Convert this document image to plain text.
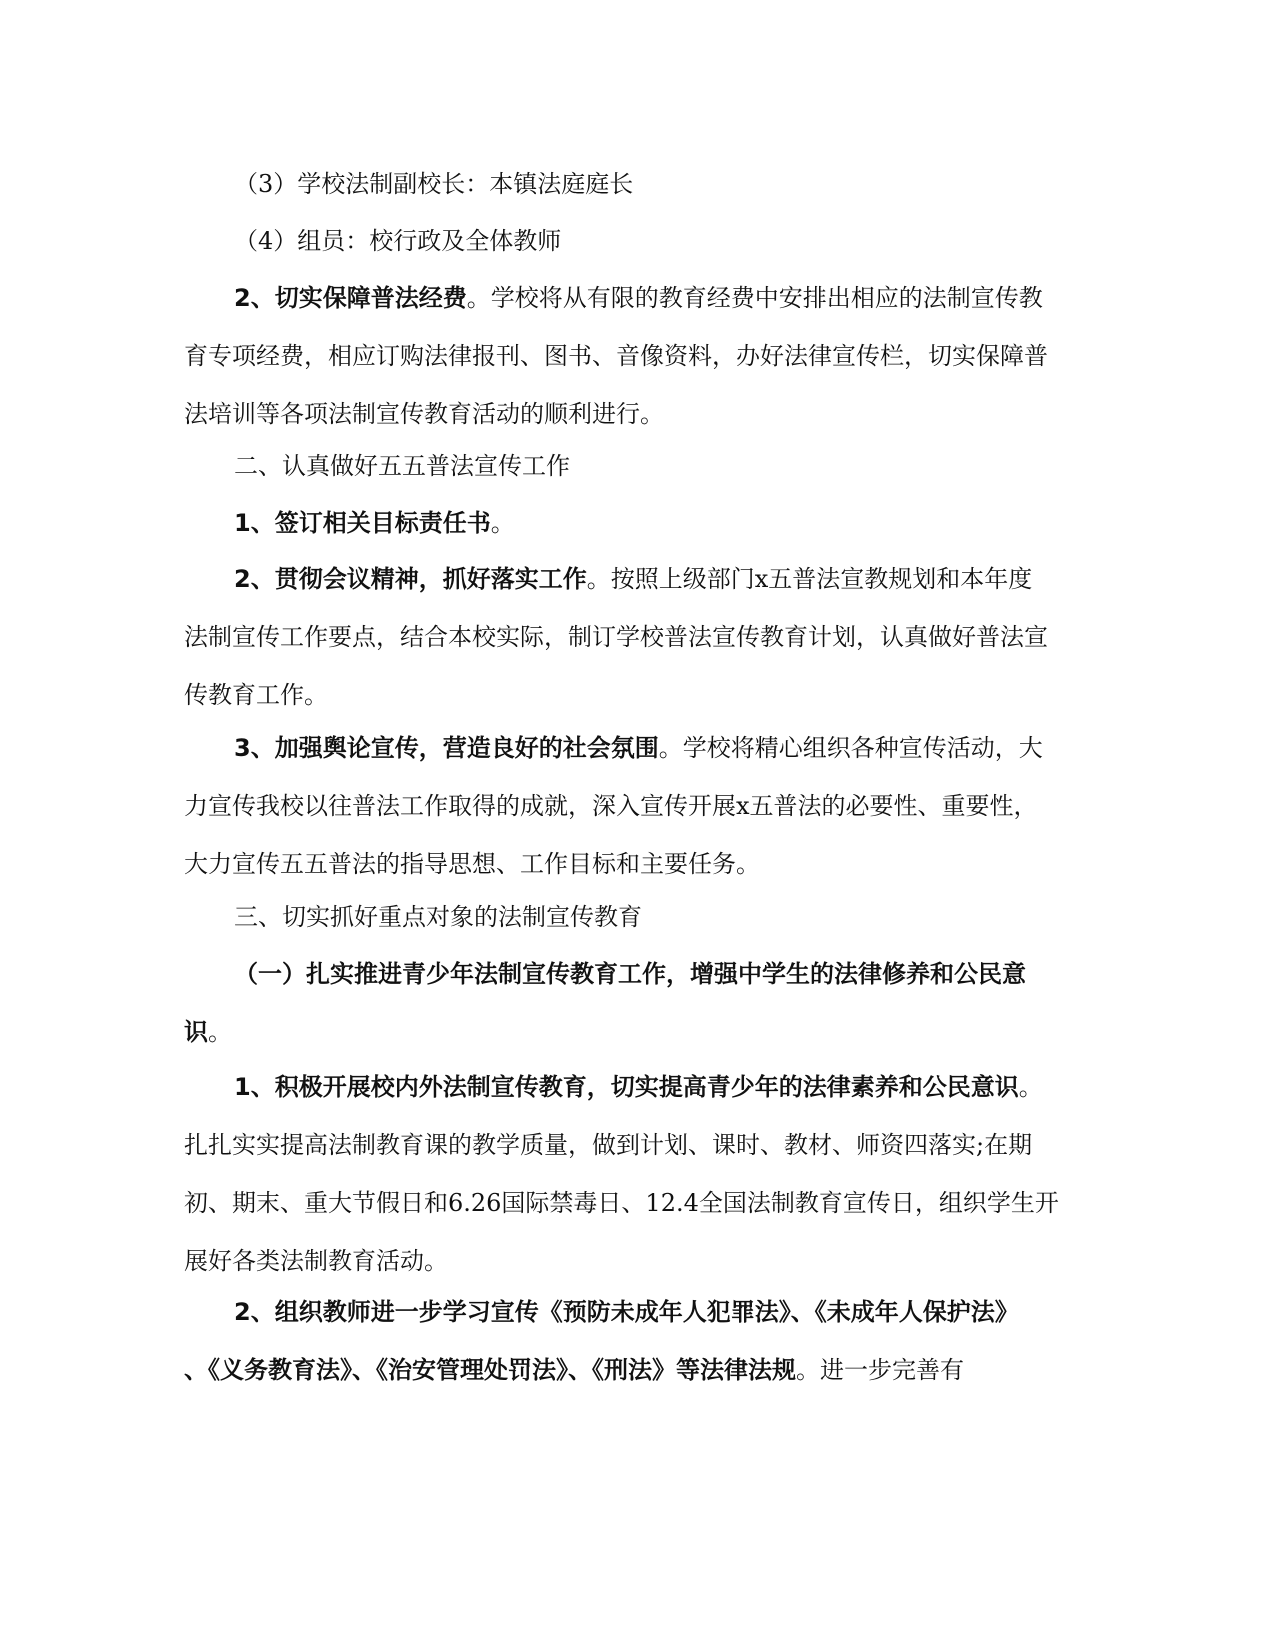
（3）学校法制副校长：本镇法庭庭长

（4）组员：校行政及全体教师

2、切实保障普法经费。学校将从有限的教育经费中安排出相应的法制宣传教
育专项经费，相应订购法律报刊、图书、音像资料，办好法律宣传栏，切实保障普
法培训等各项法制宣传教育活动的顺利进行。

二、认真做好五五普法宣传工作

1、签订相关目标责任书。

2、贯彻会议精神，抓好落实工作。按照上级部门x五普法宣教规划和本年度
法制宣传工作要点，结合本校实际，制订学校普法宣传教育计划，认真做好普法宣
传教育工作。

3、加强舆论宣传，营造良好的社会氛围。学校将精心组织各种宣传活动，大
力宣传我校以往普法工作取得的成就，深入宣传开展x五普法的必要性、重要性，
大力宣传五五普法的指导思想、工作目标和主要任务。

三、切实抓好重点对象的法制宣传教育

（一）扎实推进青少年法制宣传教育工作，增强中学生的法律修养和公民意
识。

1、积极开展校内外法制宣传教育，切实提高青少年的法律素养和公民意识。
扎扎实实提高法制教育课的教学质量，做到计划、课时、教材、师资四落实;在期
初、期末、重大节假日和6.26国际禁毒日、12.4全国法制教育宣传日，组织学生开
展好各类法制教育活动。

2、组织教师进一步学习宣传《预防未成年人犯罪法》、《未成年人保护法》
、《义务教育法》、《治安管理处罚法》、《刑法》等法律法规。进一步完善有
